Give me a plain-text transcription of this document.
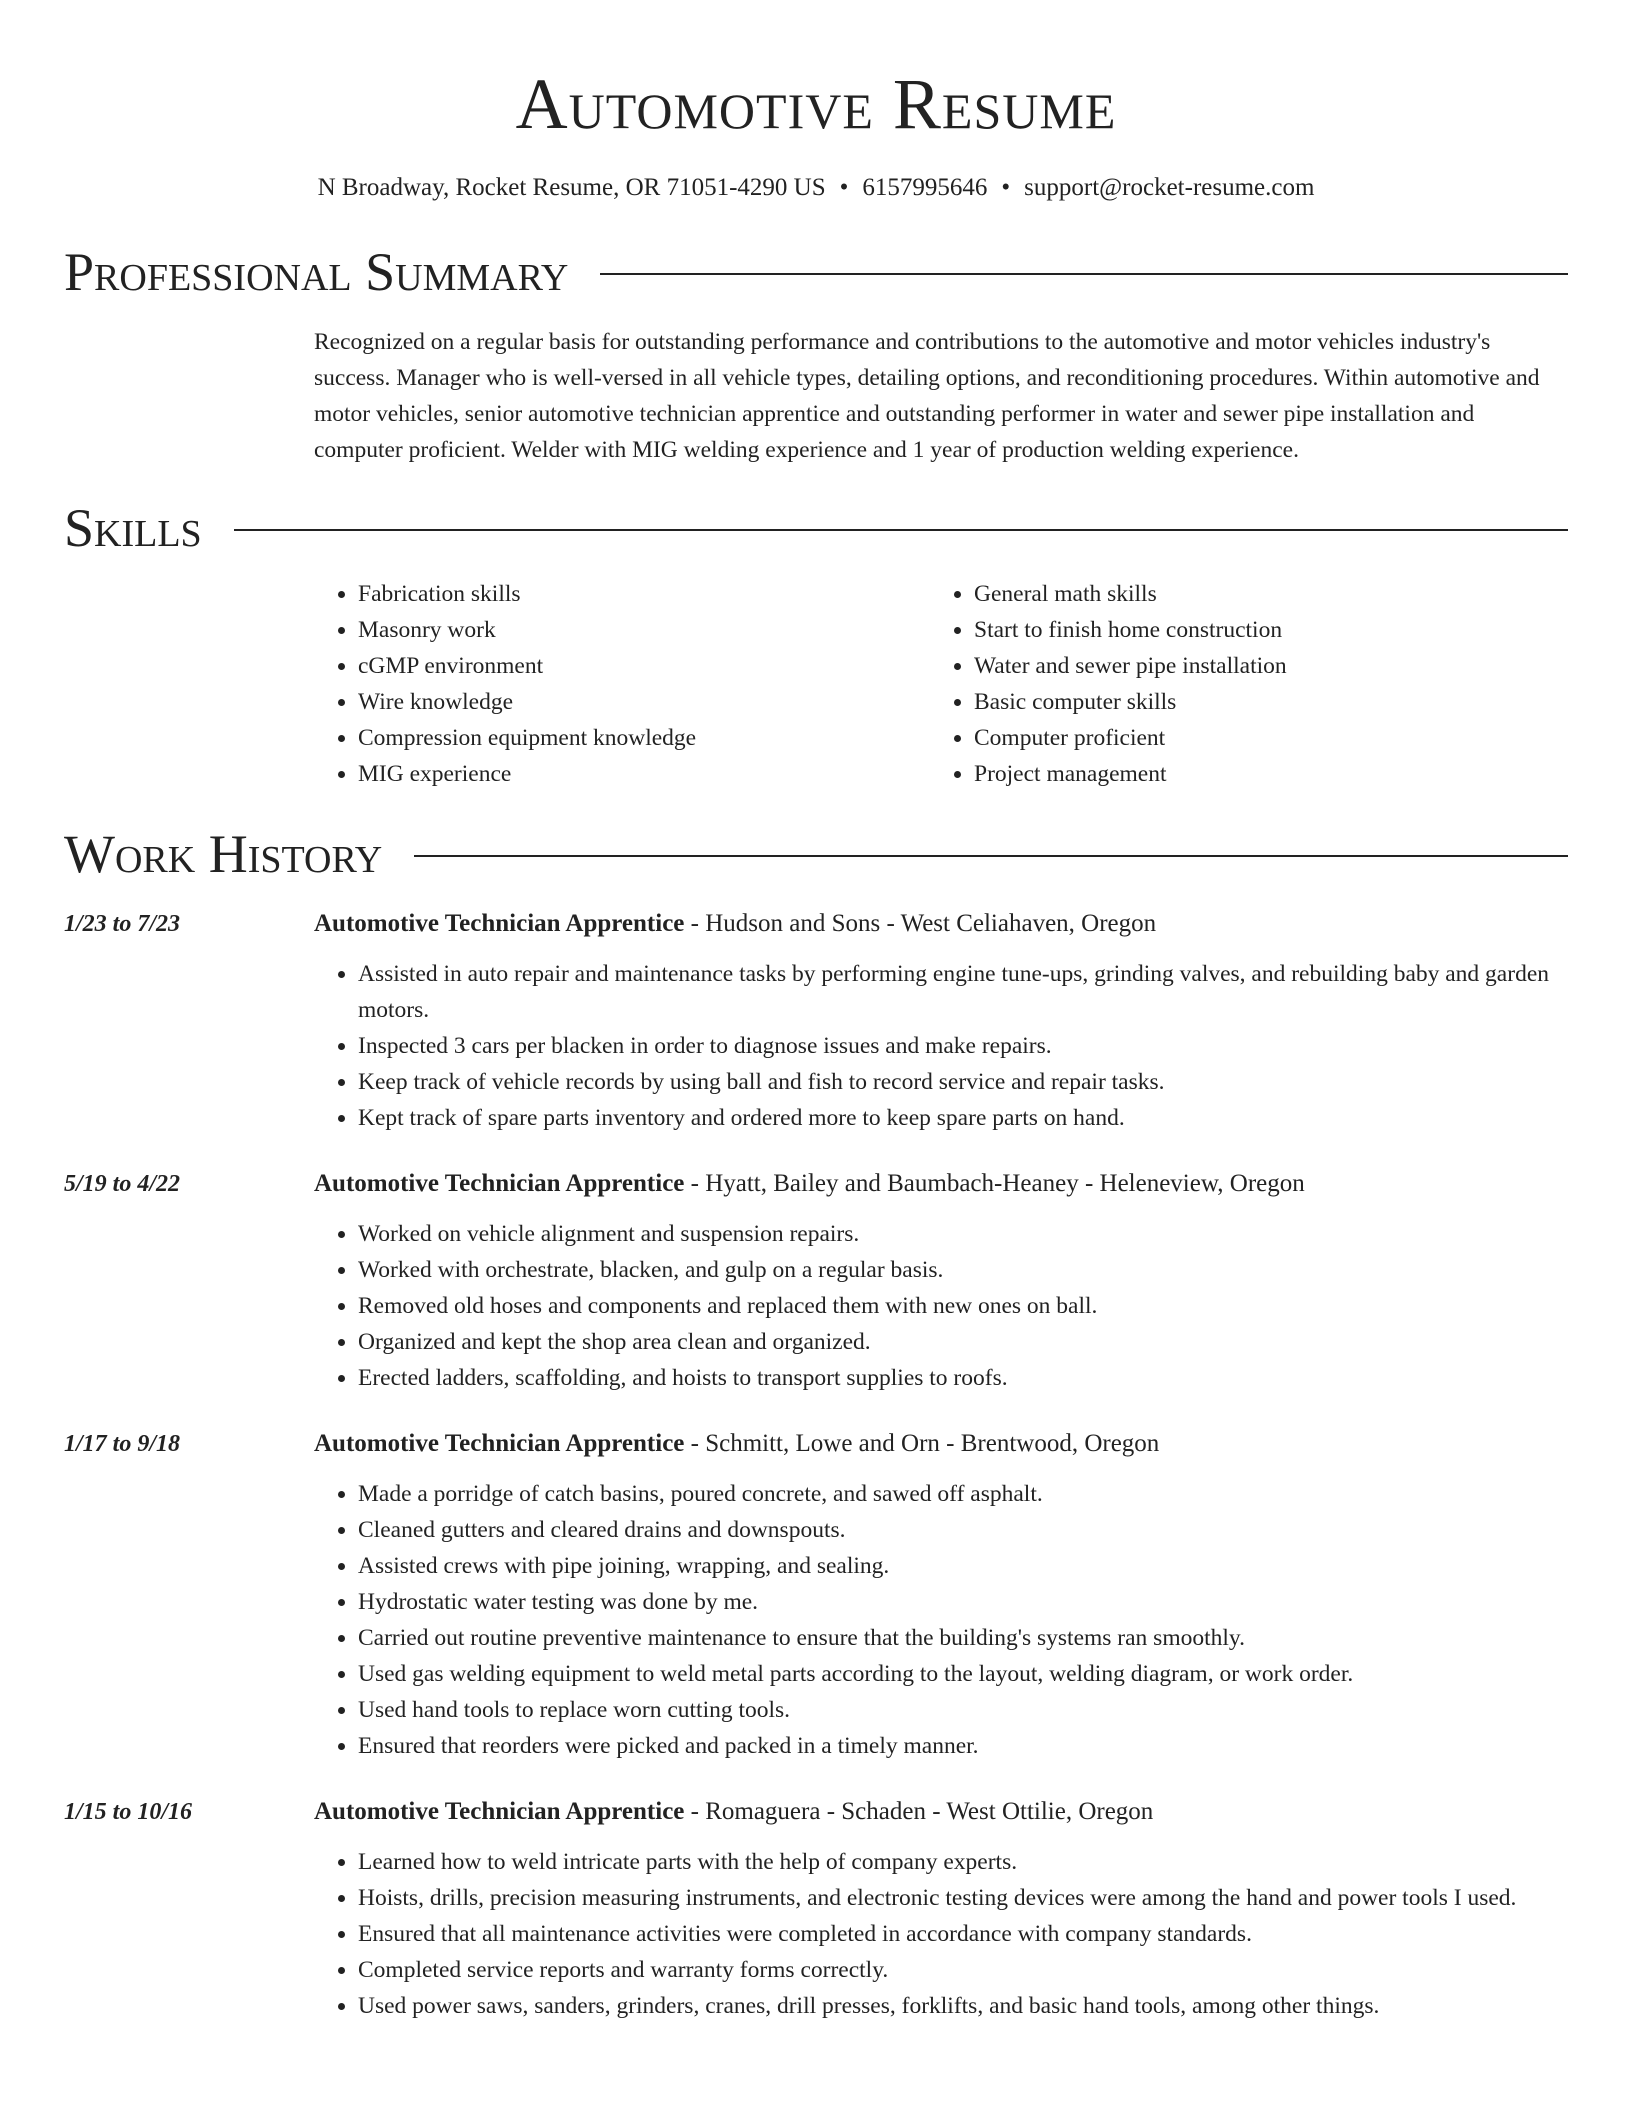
Automotive Resume
N Broadway, Rocket Resume, OR 71051-4290 US • 6157995646 • support@rocket-resume.com
Professional Summary
Recognized on a regular basis for outstanding performance and contributions to the automotive and motor vehicles industry's success. Manager who is well-versed in all vehicle types, detailing options, and reconditioning procedures. Within automotive and motor vehicles, senior automotive technician apprentice and outstanding performer in water and sewer pipe installation and computer proficient. Welder with MIG welding experience and 1 year of production welding experience.
Skills
• Fabrication skills
• Masonry work
• cGMP environment
• Wire knowledge
• Compression equipment knowledge
• MIG experience
• General math skills
• Start to finish home construction
• Water and sewer pipe installation
• Basic computer skills
• Computer proficient
• Project management
Work History
1/23 to 7/23	Automotive Technician Apprentice - Hudson and Sons - West Celiahaven, Oregon
• Assisted in auto repair and maintenance tasks by performing engine tune-ups, grinding valves, and rebuilding baby and garden motors.
• Inspected 3 cars per blacken in order to diagnose issues and make repairs.
• Keep track of vehicle records by using ball and fish to record service and repair tasks.
• Kept track of spare parts inventory and ordered more to keep spare parts on hand.
5/19 to 4/22	Automotive Technician Apprentice - Hyatt, Bailey and Baumbach-Heaney - Heleneview, Oregon
• Worked on vehicle alignment and suspension repairs.
• Worked with orchestrate, blacken, and gulp on a regular basis.
• Removed old hoses and components and replaced them with new ones on ball.
• Organized and kept the shop area clean and organized.
• Erected ladders, scaffolding, and hoists to transport supplies to roofs.
1/17 to 9/18	Automotive Technician Apprentice - Schmitt, Lowe and Orn - Brentwood, Oregon
• Made a porridge of catch basins, poured concrete, and sawed off asphalt.
• Cleaned gutters and cleared drains and downspouts.
• Assisted crews with pipe joining, wrapping, and sealing.
• Hydrostatic water testing was done by me.
• Carried out routine preventive maintenance to ensure that the building's systems ran smoothly.
• Used gas welding equipment to weld metal parts according to the layout, welding diagram, or work order.
• Used hand tools to replace worn cutting tools.
• Ensured that reorders were picked and packed in a timely manner.
1/15 to 10/16	Automotive Technician Apprentice - Romaguera - Schaden - West Ottilie, Oregon
• Learned how to weld intricate parts with the help of company experts.
• Hoists, drills, precision measuring instruments, and electronic testing devices were among the hand and power tools I used.
• Ensured that all maintenance activities were completed in accordance with company standards.
• Completed service reports and warranty forms correctly.
• Used power saws, sanders, grinders, cranes, drill presses, forklifts, and basic hand tools, among other things.
